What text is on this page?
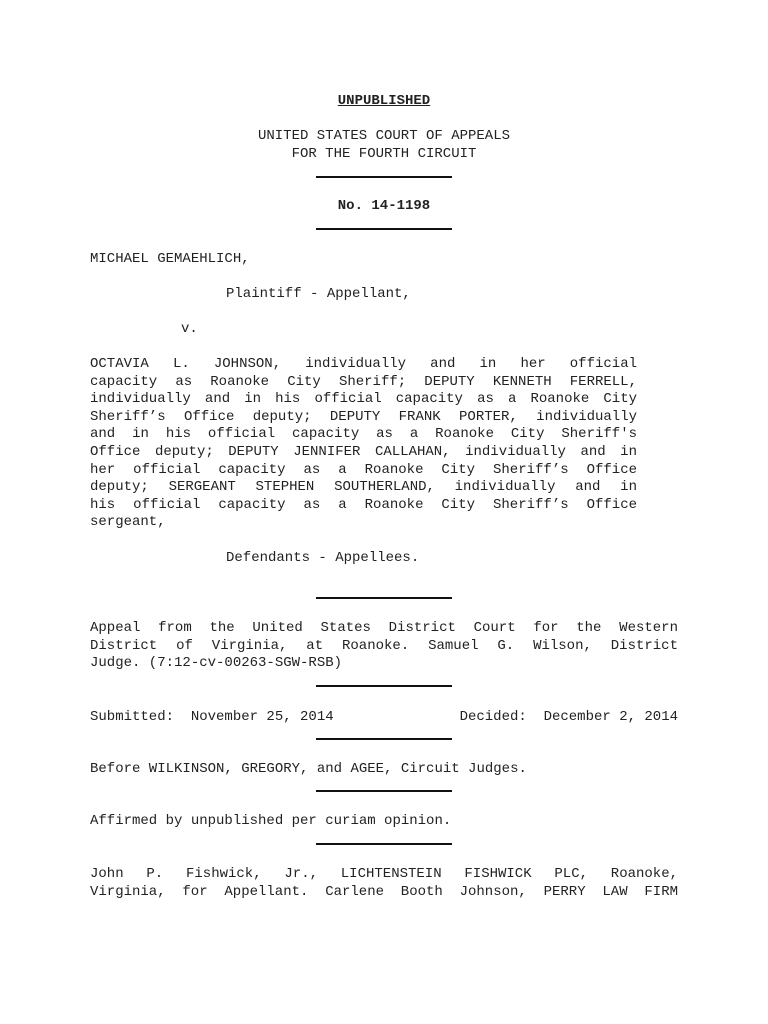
UNPUBLISHED
UNITED STATES COURT OF APPEALS
FOR THE FOURTH CIRCUIT
No. 14-1198
MICHAEL GEMAEHLICH,
Plaintiff - Appellant,
v.
OCTAVIA L. JOHNSON, individually and in her official
capacity as Roanoke City Sheriff; DEPUTY KENNETH FERRELL,
individually and in his official capacity as a Roanoke City
Sheriff’s Office deputy; DEPUTY FRANK PORTER, individually
and in his official capacity as a Roanoke City Sheriff's
Office deputy; DEPUTY JENNIFER CALLAHAN, individually and in
her official capacity as a Roanoke City Sheriff’s Office
deputy; SERGEANT STEPHEN SOUTHERLAND, individually and in
his official capacity as a Roanoke City Sheriff’s Office
sergeant,
Defendants - Appellees.
Appeal from the United States District Court for the Western
District of Virginia, at Roanoke. Samuel G. Wilson, District
Judge. (7:12-cv-00263-SGW-RSB)
Submitted:  November 25, 2014	Decided:  December 2, 2014
Before WILKINSON, GREGORY, and AGEE, Circuit Judges.
Affirmed by unpublished per curiam opinion.
John P. Fishwick, Jr., LICHTENSTEIN FISHWICK PLC, Roanoke,
Virginia, for Appellant. Carlene Booth Johnson, PERRY LAW FIRM
